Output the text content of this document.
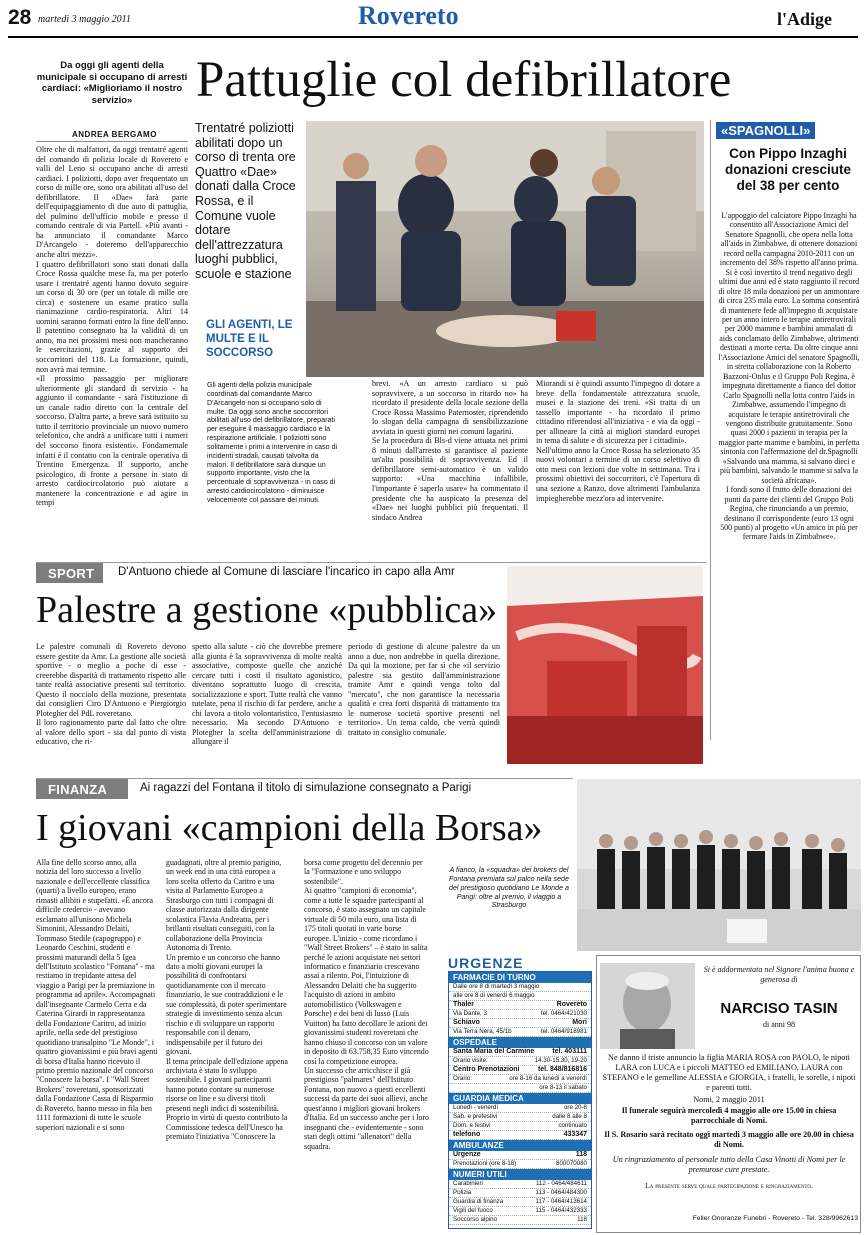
28 martedì 3 maggio 2011	Rovereto	l'Adige
Da oggi gli agenti della municipale si occupano di arresti cardiaci: «Miglioriamo il nostro servizio»	Pattuglie col defibrillatore
ANDREA BERGAMO
Oltre che di malfattori, da oggi trentatré agenti del comando di polizia locale di Rovereto e valli del Leno si occupano anche di arresti cardiaci. I poliziotti, dopo aver frequentato un corso di mille ore, sono ora abilitati all'uso del defibrillatore. Il «Dae» farà parte dell'equipaggiamento di due auto di pattuglia, del pulmino dell'ufficio mobile e presso il comando centrale di via Partell. «Più avanti - ha annunciato il comandante Marco D'Arcangelo - doteremo dell'apparecchio anche altri mezzi».
I quattro defibrillatori sono stati donati dalla Croce Rossa qualche mese fa, ma per poterlo usare i trentatré agenti hanno dovuto seguire un corso di 30 ore (per un totale di mille ore circa) e sostenere un esame pratico sulla rianimazione cardio-respiratoria. Altri 14 uomini saranno formati entro la fine dell'anno. Il patentino consegnato ha la validità di un anno, ma nei prossimi mesi non mancheranno le esercitazioni, grazie al supporto dei soccorritori del 118. La formazione, quindi, non avrà mai termine.
«Il prossimo passaggio per migliorare ulteriormente gli standard di servizio - ha aggiunto il comandante - sarà l'istituzione di un canale radio diretto con la centrale del soccorso. D'altra parte, a breve sarà istituito su tutto il territorio provinciale un nuovo numero telefonico, che andrà a unificare tutti i numeri del soccorso finora esistenti». Fondamentale infatti è il contatto con la centrale operativa di Trentino Emergenza. Il supporto, anche psicologico, di fronte a persone in stato di arresto cardiocircolatorio può aiutare a mantenere la concentrazione e ad agire in tempi
Trentatré poliziotti abilitati dopo un corso di trenta ore Quattro «Dae» donati dalla Croce Rossa, e il Comune vuole dotare dell'attrezzatura luoghi pubblici, scuole e stazione
GLI AGENTI, LE MULTE E IL SOCCORSO
Gli agenti della polizia municipale coordinati dal comandante Marco D'Arcangelo non si occupano solo di multe. Da oggi sono anche soccorritori abilitati all'uso del defibrillatore, preparati per eseguire il massaggio cardiaco e la respirazione artificiale. I poliziotti sono solitamente i primi a intervenire in caso di incidenti stradali, causati talvolta da malori. Il defibrillatore sarà dunque un supporto importante, visto che la percentuale di sopravvivenza - in caso di arresto cardiocircolatorio - diminuisce velocemente col passare dei minuti.
brevi. «A un arresto cardiaco si può sopravvivere, a un soccorso in ritardo no» ha ricordato il presidente della locale sezione della Croce Rossa Massimo Paternoster, riprendendo lo slogan della campagna di sensibilizzazione avviata in questi giorni nei comuni lagarini.
Se la procedura di Bls-d viene attuata nei primi 8 minuti dall'arresto si garantisce al paziente un'alta possibilità di sopravvivenza. Ed il defibrillatore semi-automatico è un valido supporto: «Una macchina infallibile, l'importante è saperla usare» ha commentato il presidente che ha auspicato la presenza del «Dae» nei luoghi pubblici più frequentati. Il sindaco Andrea
Miorandi si è quindi assunto l'impegno di dotare a breve della fondamentale attrezzatura scuole, musei e la stazione dei treni. «Si tratta di un tassello importante - ha ricordato il primo cittadino riferendosi all'iniziativa - e via da oggi - per allineare la città ai migliori standard europei in tema di salute e di sicurezza per i cittadini».
Nell'ultimo anno la Croce Rossa ha selezionato 35 nuovi volontari a termine di un corso selettivo di otto mesi con lezioni due volte in settimana. Tra i prossimi obiettivi dei soccorritori, c'è l'apertura di una sezione a Ranzo, dove altrimenti l'ambulanza impiegherebbe mezz'ora ad intervenire.
«SPAGNOLLI»
Con Pippo Inzaghi donazioni cresciute del 38 per cento
L'appoggio del calciatore Pippo Inzaghi ha consentito all'Associazione Amici del Senatore Spagnolli, che opera nella lotta all'aids in Zimbabwe, di ottenere donazioni record nella campagna 2010-2011 con un incremento del 38% rispetto all'anno prima. Si è così invertito il trend negativo degli ultimi due anni ed è stato raggiunto il record di oltre 18 mila donazioni per un ammontare di circa 235 mila euro. La somma consentirà di mantenere fede all'impegno di acquistare per un anno intero le terapie antiretrovirali per 2000 mamme e bambini ammalati di aids conclamato dello Zimbabwe, altrimenti destinati a morte certa. Da oltre cinque anni l'Associazione Amici del senatore Spagnolli, in stretta collaborazione con la Roberto Bazzoni-Onlus e il Gruppo Poli Regina, è impegnata direttamente a fianco del dottor Carlo Spagnolli nella lotta contro l'aids in Zimbabwe, assumendo l'impegno di acquistare le terapie antiretrovirali che vengono distribuite gratuitamente. Sono quasi 2000 i pazienti in terapia per la maggior parte mamme e bambini, in perfetta sintonia con l'affermazione del dr.Spagnolli «Salvando una mamma, si salvano dieci e più bambini, salvando le mamme si salva la società africana».
I fondi sono il frutto delle donazioni dei punti da parte dei clienti del Gruppo Poli Regina, che rinunciando a un premio, destinano il corrispondente (euro 13 ogni 500 punti) al progetto «Un amico in più per fermare l'aids in Zimbabwe».
SPORT	D'Antuono chiede al Comune di lasciare l'incarico in capo alla Amr
Palestre a gestione «pubblica»
Le palestre comunali di Rovereto devono essere gestite da Amr. La gestione alle società sportive - o meglio a poche di esse - creerebbe disparità di trattamento rispetto alle tante realtà associative presenti sul territorio. Questo il nocciolo della mozione, presentata dai consiglieri Ciro D'Antuono e Piergiorgio Plotegher del PdL roveretano.
Il loro ragionamento parte dal fatto che oltre al valore dello sport - sia dal punto di vista educativo, che ri-
spetto alla salute - ciò che dovrebbe premere alla giunta è la sopravvivenza di molte realtà associative, composte quelle che anziché cercare tutti i costi il risultato agonistico, diventano soprattutto luogo di crescita, socializzazione e sport. Tutte realtà che vanno tutelate, pena il rischio di far perdere, anche a chi lavora a titolo volontaristico, l'entusiasmo necessario. Ma secondo D'Antuono e Plotegher la scelta dell'amministrazione di allungare il
periodo di gestione di alcune palestre da un anno a due, non andrebbe in quella direzione. Da qui la mozione, per far sì che «il servizio palestre sia gestito dall'amministrazione tramite Amr e quindi venga tolto dal "mercato", che non garantisce la necessaria qualità e crea forti disparità di trattamento tra le numerose società sportive presenti nel territorio». Un tema caldo, che verrà quindi trattato in consiglio comunale.
FINANZA	Ai ragazzi del Fontana il titolo di simulazione consegnato a Parigi
I giovani «campioni della Borsa»
Alla fine dello scorso anno, alla notizia del loro successo a livello nazionale e dell'eccellente classifica (quarti) a livello europeo, erano rimasti allibiti e stupefatti. «È ancora difficile crederci» - avevano esclamato all'unisono Michela Simonini, Alessandro Delaiti, Tommaso Stedile (capogruppo) e Leonardo Ceschini, studenti e prossimi maturandi della 5 Igea dell'Istituto scolastico "Fontana" - ma restiamo in trepidante attesa del viaggio a Parigi per la premiazione in programma ad aprile». Accompagnati dall'insegnante Carmelo Cerra e da Caterina Girardi in rappresentanza della Fondazione Caritro, ad inizio aprile, nella sede del prestigioso quotidiano transalpino "Le Monde", i quattro giovanissimi e più bravi agenti di borsa d'Italia hanno ricevuto il primo premio nazionale del concorso "Conoscere la borsa". I "Wall Street Brokers" roveretani, sponsorizzati dalla Fondazione Cassa di Risparmio di Rovereto, hanno messo in fila ben 1111 formazioni di tutte le scuole superiori nazionali e si sono
guadagnati, oltre al premio parigino, un week end in una città europea a loro scelta offerto da Caritro e una visita al Parlamento Europeo a Strasburgo con tutti i compagni di classe autorizzata dalla dirigente scolastica Flavia Andreatta, per i brillanti risultati conseguiti, con la collaborazione della Provincia Autonoma di Trento.
Un premio e un concorso che hanno dato a molti giovani europei la possibilità di confrontarsi quotidianamente con il mercato finanziario, le sue contraddizioni e le sue complessità, di poter sperimentare strategie di investimento senza alcun rischio e di sviluppare un rapporto responsabile con il denaro, indispensabile per il futuro dei giovani.
Il tema principale dell'edizione appena archiviata è stato lo sviluppo sostenibile. I giovani partecipanti hanno potuto contare su numerose risorse on line e su diversi titoli presenti negli indici di sostenibilità. Proprio in virtù di questo contributo la Commissione tedesca dell'Unesco ha premiato l'iniziativa "Conoscere la
borsa come progetto del decennio per la "Formazione e uno sviluppo sostenibile".
Ai quattro "campioni di economia", come a tutte le squadre partecipanti al concorso, è stato assegnato un capitale virtuale di 50 mila euro, una lista di 175 titoli quotati in varie borse europee. L'inizio - come ricordano i "Wall Street Brokers" – è stato in salita perché le azioni acquistate nei settori informatico e finanziario crescevano assai a rilento. Poi, l'intuizione di Alessandro Delaiti che ha suggerito l'acquisto di azioni in ambito automobilistico (Volkswagen e Porsche) e dei beni di lusso (Luis Vuitton) ha fatto decollare le azioni dei giovanissimi studenti roveretani che hanno chiuso il concorso con un valore in deposito di 63.758,35 Euro vincendo così la competizione europea.
Un successo che arricchisce il già prestigioso "palmares" dell'Istituto Fontana, non nuovo a questi eccellenti successi da parte dei suoi allievi, anche quest'anno i migliori giovani brokers d'Italia. Ed un successo anche per i loro insegnanti che - evidentemente - sono stati degli ottimi "allenatori" della squadra.
A fianco, la «squadra» dei brokers del Fontana premiata sul palco nella sede del prestigioso quotidiano Le Monde a Parigi: oltre al premio, il viaggio a Strasburgo
URGENZE
FARMACIE DI TURNO
Dalle ore 8 di martedì 3 maggio
alle ore 8 di venerdì 6 maggio
Thaler	Rovereto
Via Dante, 3	tel. 0464/421030
Schiavo	Mori
Via Terra Nera, 45/1b	tel. 0464/918981
OSPEDALE
Santa Maria del Carmine	tel. 403111
Orario visite:	14.30-15.30, 19-20
Centro Prenotazioni	tel. 848/816816
Orario:	ore 8-16 da lunedì a venerdì
ore 8-13 il sabato
GUARDIA MEDICA
Lunedì - venerdì	ore 20-8
Sab. e prefestivi	dalle 8 alle 8
Dom. e festivi	continuato
telefono	433347
AMBULANZE
Urgenze	118
Prenotazioni (ore 8-18)	800070080
NUMERI UTILI
Carabinieri	112 - 0464/484611
Polizia	113 - 0464/484300
Guardia di finanza	117 - 0464/413614
Vigili del fuoco	115 - 0464/432333
Soccorso alpino	118
Si è addormentata nel Signore l'anima buona e generosa di
NARCISO TASIN
di anni 98
Ne danno il triste annuncio la figlia MARIA ROSA con PAOLO, le nipoti LARA con LUCA e i piccoli MATTEO ed EMILIANO, LAURA con STEFANO e le gemelline ALESSIA e GIORGIA, i fratelli, le sorelle, i nipoti e parenti tutti.
Nomi, 2 maggio 2011
Il funerale seguirà mercoledì 4 maggio alle ore 15.00 in chiesa parrocchiale di Nomi.
Il S. Rosario sarà recitato oggi martedì 3 maggio alle ore 20.00 in chiesa di Nomi.
Un ringraziamento al personale tutto della Casa Vinotti di Nomi per le premurose cure prestate.
La presente serve quale partecipazione e ringraziamento.
Feller Onoranze Funebri - Rovereto - Tel. 328/9962613
